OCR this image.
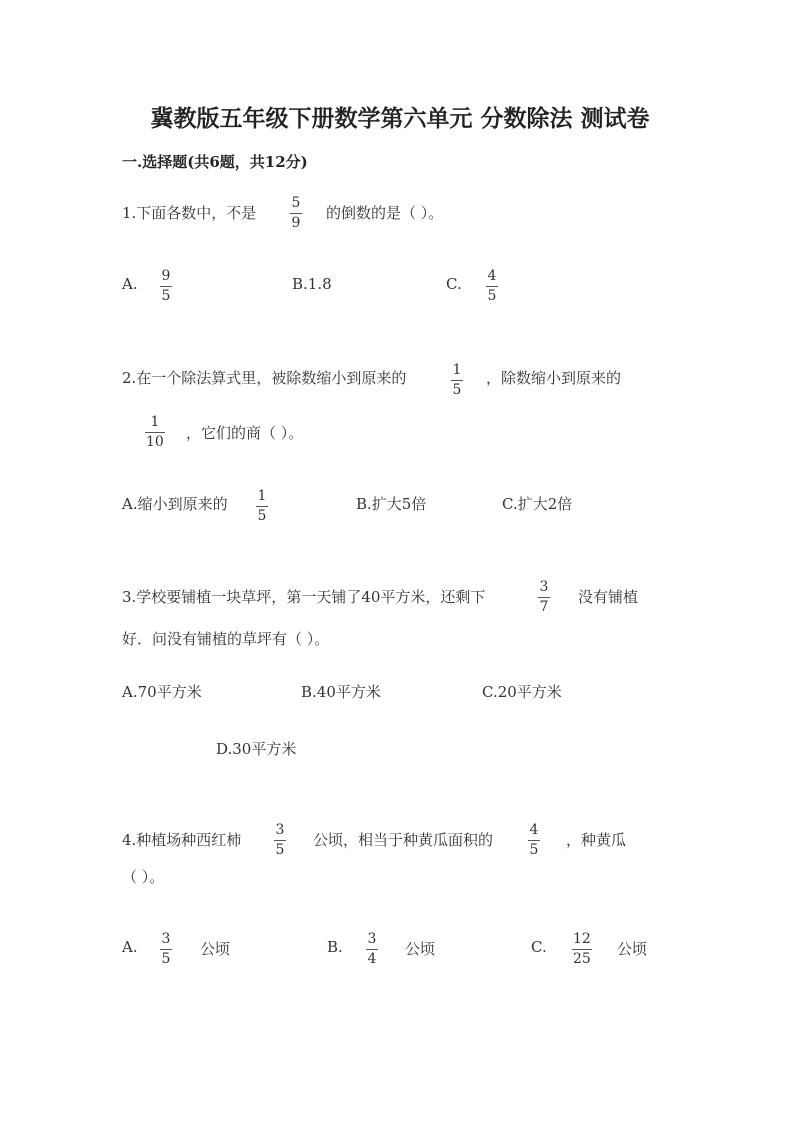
冀教版五年级下册数学第六单元 分数除法 测试卷
一.选择题(共6题，共12分)
1.下面各数中，不是
5
9
的倒数的是（ ）。
A. 9
5
B.1.8	C. 4
5
2.在一个除法算式里，被除数缩小到原来的	1
5
，除数缩小到原来的
1
10 ，它们的商（ ）。
A.缩小到原来的 1
5
B.扩大5倍	C.扩大2倍
3.学校要铺植一块草坪，第一天铺了40平方米，还剩下
3
7
没有铺植
好．问没有铺植的草坪有（ ）。
A.70平方米	B.40平方米	C.20平方米
D.30平方米
4.种植场种西红柿
3
5
公顷，相当于种黄瓜面积的
4
5
，种黄瓜
（ ）。
A. 3
5
公顷	B. 3
4
公顷	C. 12
25
公顷
